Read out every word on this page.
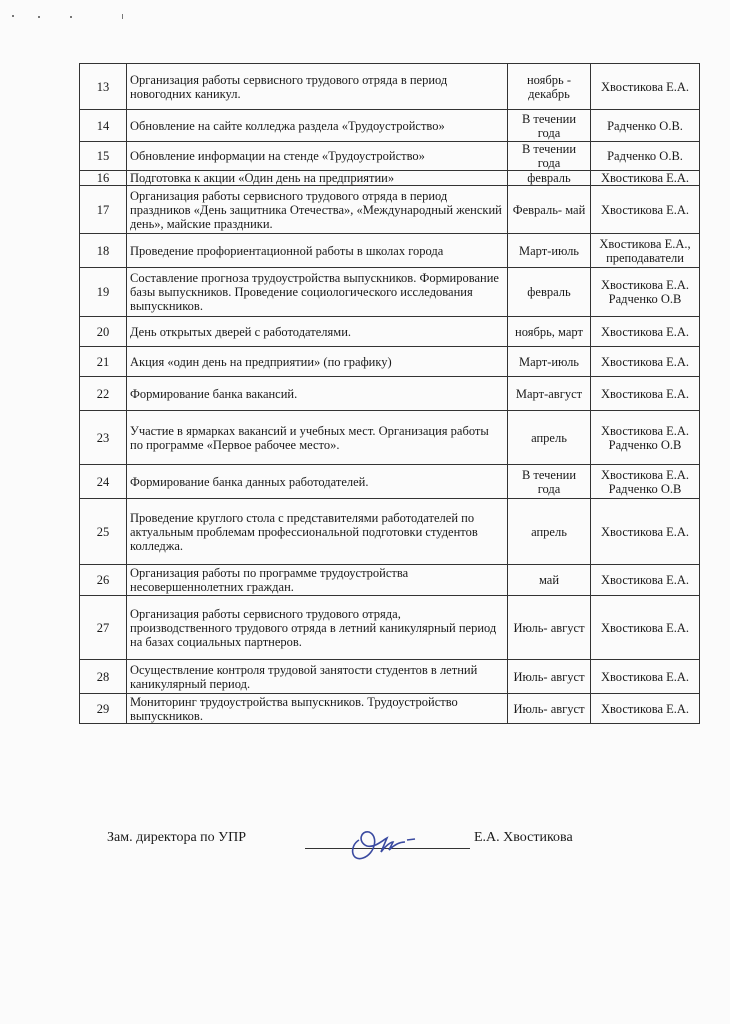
13	Организация работы сервисного трудового отряда в период новогодних каникул.	ноябрь - декабрь	Хвостикова Е.А.
14	Обновление на сайте колледжа раздела «Трудоустройство»	В течении года	Радченко О.В.
15	Обновление информации на стенде «Трудоустройство»	В течении года	Радченко О.В.
16	Подготовка к акции «Один день на предприятии»	февраль	Хвостикова Е.А.
17	Организация работы сервисного трудового отряда в период праздников «День защитника Отечества», «Международный женский день», майские праздники.	Февраль- май	Хвостикова Е.А.
18	Проведение профориентационной работы в школах города	Март-июль	Хвостикова Е.А., преподаватели
19	Составление прогноза трудоустройства выпускников. Формирование базы выпускников. Проведение социологического исследования выпускников.	февраль	Хвостикова Е.А. Радченко О.В
20	День открытых дверей с работодателями.	ноябрь, март	Хвостикова Е.А.
21	Акция «один день на предприятии» (по графику)	Март-июль	Хвостикова Е.А.
22	Формирование банка вакансий.	Март-август	Хвостикова Е.А.
23	Участие в ярмарках вакансий и учебных мест. Организация работы по программе «Первое рабочее место».	апрель	Хвостикова Е.А. Радченко О.В
24	Формирование банка данных работодателей.	В течении года	Хвостикова Е.А. Радченко О.В
25	Проведение круглого стола с представителями работодателей по актуальным проблемам профессиональной подготовки студентов колледжа.	апрель	Хвостикова Е.А.
26	Организация работы по программе трудоустройства несовершеннолетних граждан.	май	Хвостикова Е.А.
27	Организация работы сервисного трудового отряда, производственного трудового отряда в летний каникулярный период на базах социальных партнеров.	Июль- август	Хвостикова Е.А.
28	Осуществление контроля трудовой занятости студентов в летний каникулярный период.	Июль- август	Хвостикова Е.А.
29	Мониторинг трудоустройства выпускников. Трудоустройство выпускников.	Июль- август	Хвостикова Е.А.
Зам. директора по УПР	Е.А. Хвостикова
